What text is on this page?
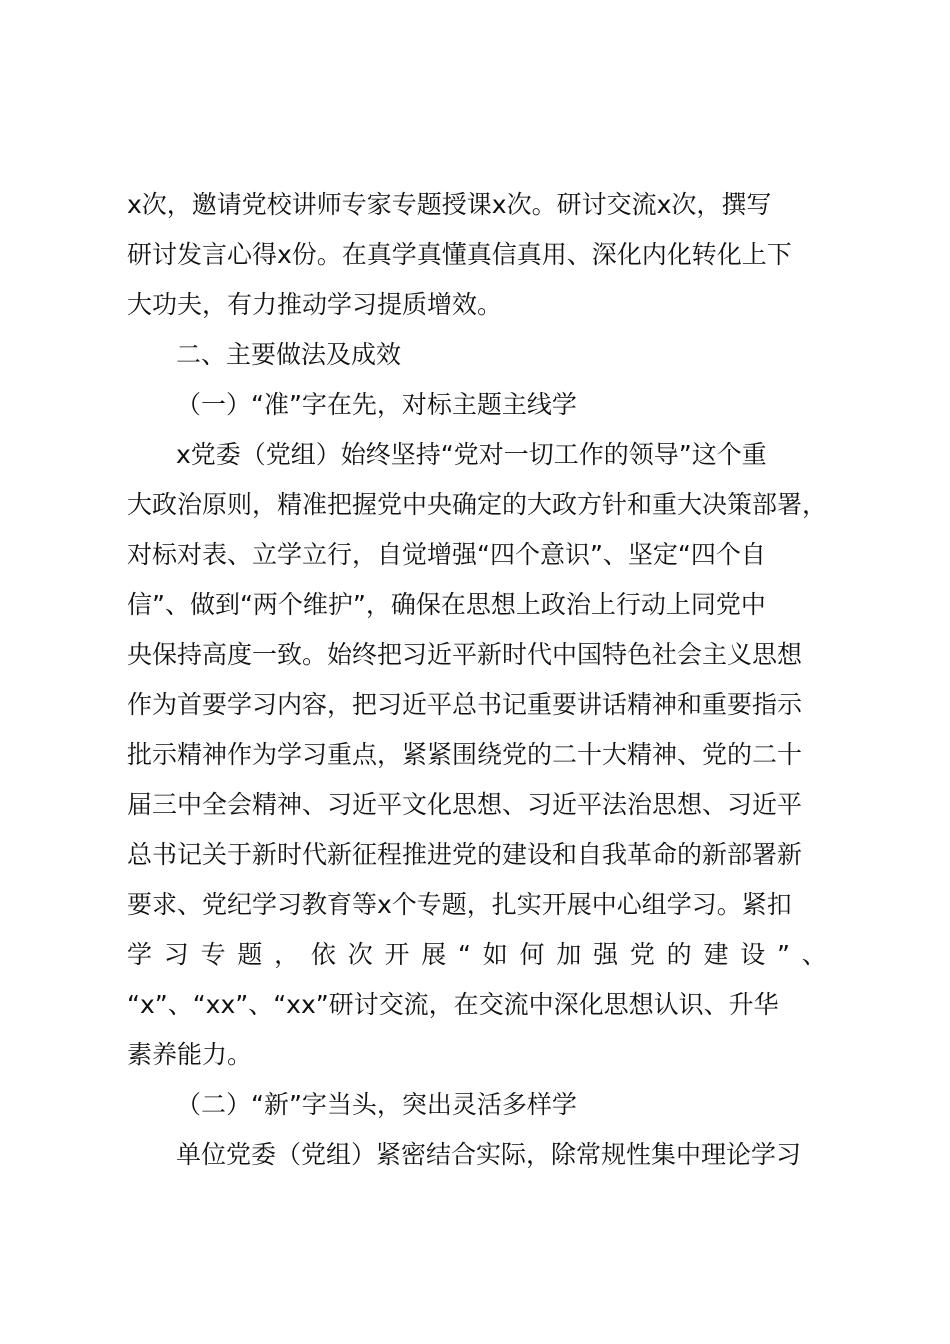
x次，邀请党校讲师专家专题授课x次。研讨交流x次，撰写
研讨发言心得x份。在真学真懂真信真用、深化内化转化上下
大功夫，有力推动学习提质增效。
二、主要做法及成效
（一）“准”字在先，对标主题主线学
x党委（党组）始终坚持“党对一切工作的领导”这个重
大政治原则，精准把握党中央确定的大政方针和重大决策部署，
对标对表、立学立行，自觉增强“四个意识”、坚定“四个自
信”、做到“两个维护”，确保在思想上政治上行动上同党中
央保持高度一致。始终把习近平新时代中国特色社会主义思想
作为首要学习内容，把习近平总书记重要讲话精神和重要指示
批示精神作为学习重点，紧紧围绕党的二十大精神、党的二十
届三中全会精神、习近平文化思想、习近平法治思想、习近平
总书记关于新时代新征程推进党的建设和自我革命的新部署新
要求、党纪学习教育等x个专题，扎实开展中心组学习。紧扣
学 习 专 题 ， 依 次 开 展 “ 如 何 加 强 党 的 建 设 ” 、
“x”、“xx”、“xx”研讨交流，在交流中深化思想认识、升华
素养能力。
（二）“新”字当头，突出灵活多样学
单位党委（党组）紧密结合实际，除常规性集中理论学习
